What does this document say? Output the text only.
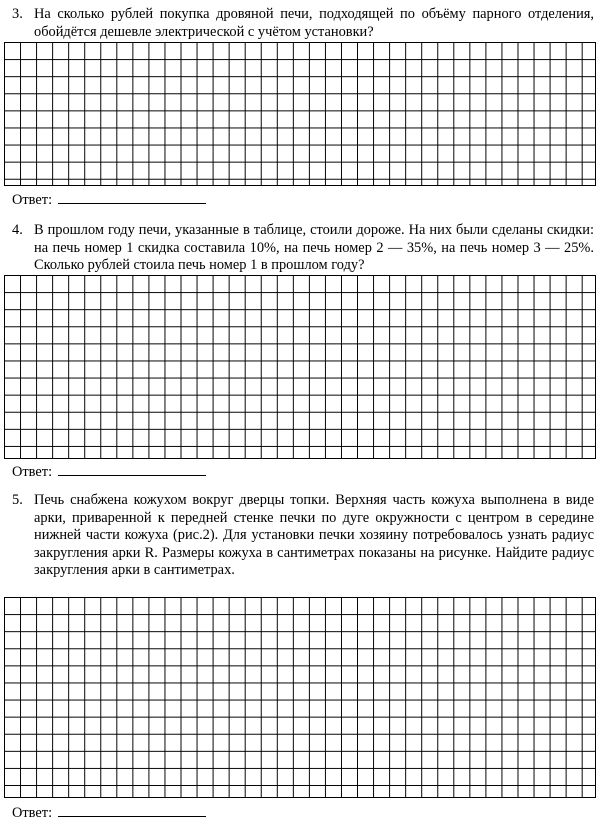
3. На сколько рублей покупка дровяной печи, подходящей по объёму парного отделения, обойдётся дешевле электрической с учётом установки?
Ответ:
4. В прошлом году печи, указанные в таблице, стоили дороже. На них были сделаны скидки: на печь номер 1 скидка составила 10%, на печь номер 2 — 35%, на печь номер 3 — 25%. Сколько рублей стоила печь номер 1 в прошлом году?
Ответ:
5. Печь снабжена кожухом вокруг дверцы топки. Верхняя часть кожуха выполнена в виде арки, приваренной к передней стенке печки по дуге окружности с центром в середине нижней части кожуха (рис.2). Для установки печки хозяину потребовалось узнать радиус закругления арки R. Размеры кожуха в сантиметрах показаны на рисунке. Найдите радиус закругления арки в сантиметрах.
Ответ:
